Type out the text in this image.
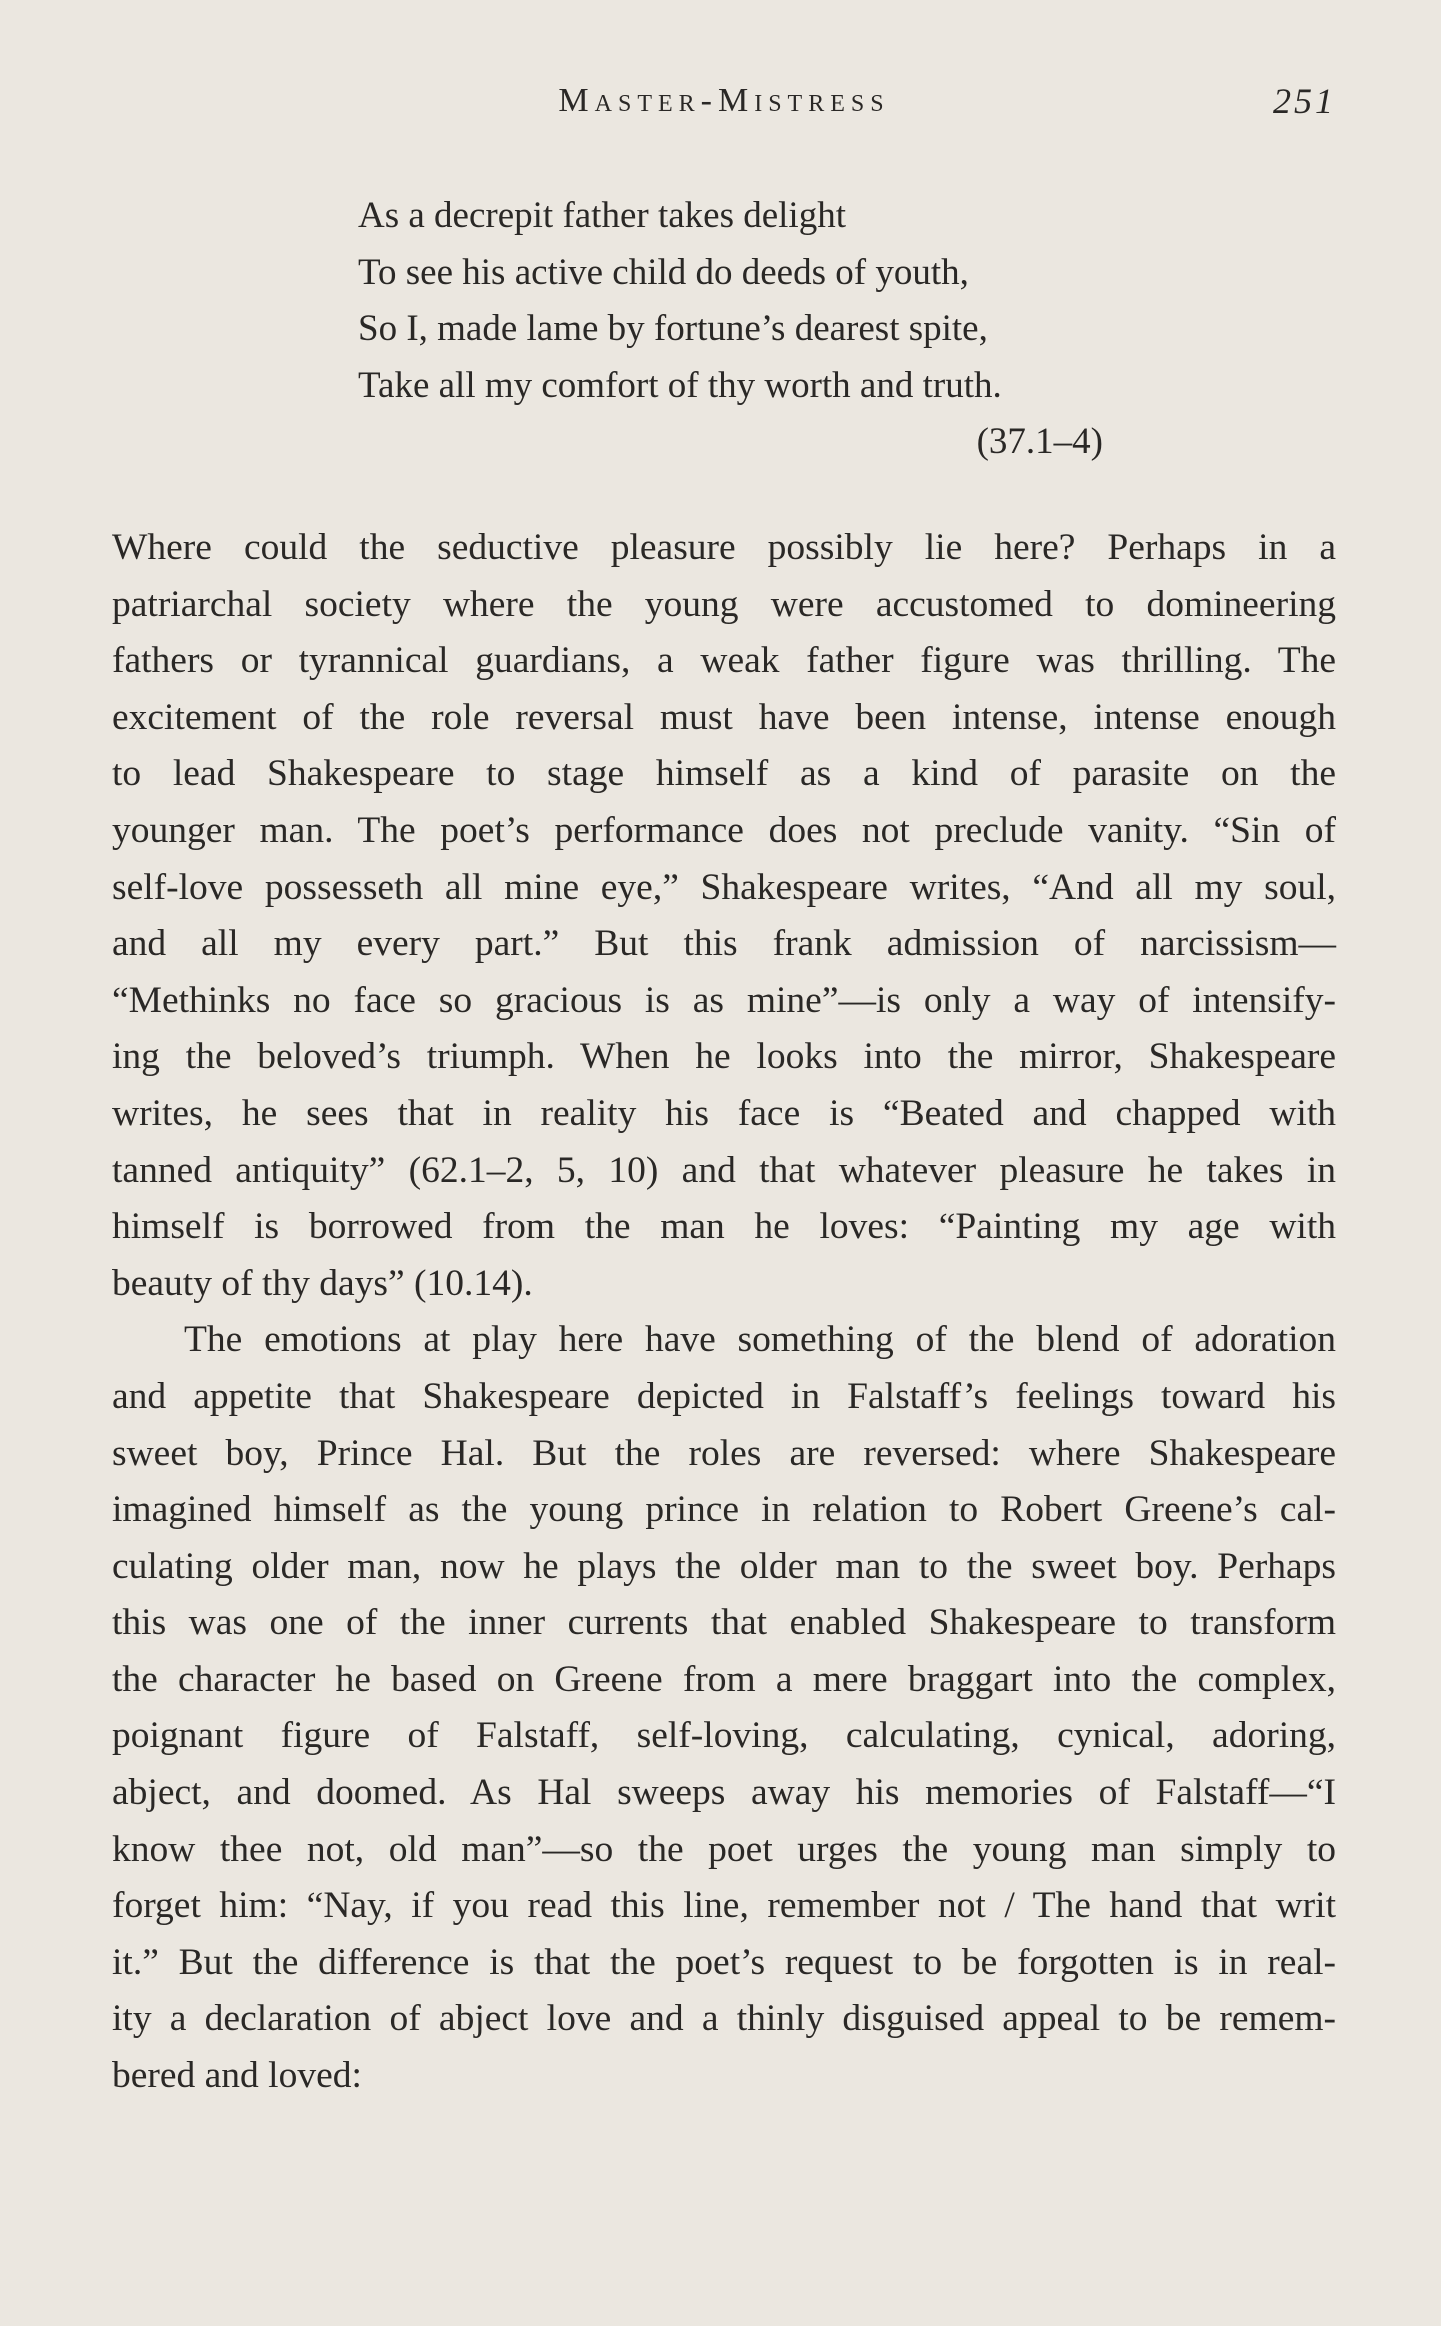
Master-Mistress	251

As a decrepit father takes delight

To see his active child do deeds of youth,

So I, made lame by fortune’s dearest spite,

Take all my comfort of thy worth and truth.

(37.1–4)

Where could the seductive pleasure possibly lie here? Perhaps in a
patriarchal society where the young were accustomed to domineering
fathers or tyrannical guardians, a weak father figure was thrilling. The
excitement of the role reversal must have been intense, intense enough
to lead Shakespeare to stage himself as a kind of parasite on the
younger man. The poet’s performance does not preclude vanity. “Sin of
self-love possesseth all mine eye,” Shakespeare writes, “And all my soul,
and all my every part.” But this frank admission of narcissism—
“Methinks no face so gracious is as mine”—is only a way of intensify-
ing the beloved’s triumph. When he looks into the mirror, Shakespeare
writes, he sees that in reality his face is “Beated and chapped with
tanned antiquity” (62.1–2, 5, 10) and that whatever pleasure he takes in
himself is borrowed from the man he loves: “Painting my age with
beauty of thy days” (10.14).
The emotions at play here have something of the blend of adoration
and appetite that Shakespeare depicted in Falstaff’s feelings toward his
sweet boy, Prince Hal. But the roles are reversed: where Shakespeare
imagined himself as the young prince in relation to Robert Greene’s cal-
culating older man, now he plays the older man to the sweet boy. Perhaps
this was one of the inner currents that enabled Shakespeare to transform
the character he based on Greene from a mere braggart into the complex,
poignant figure of Falstaff, self-loving, calculating, cynical, adoring,
abject, and doomed. As Hal sweeps away his memories of Falstaff—“I
know thee not, old man”—so the poet urges the young man simply to
forget him: “Nay, if you read this line, remember not / The hand that writ
it.” But the difference is that the poet’s request to be forgotten is in real-
ity a declaration of abject love and a thinly disguised appeal to be remem-
bered and loved:
